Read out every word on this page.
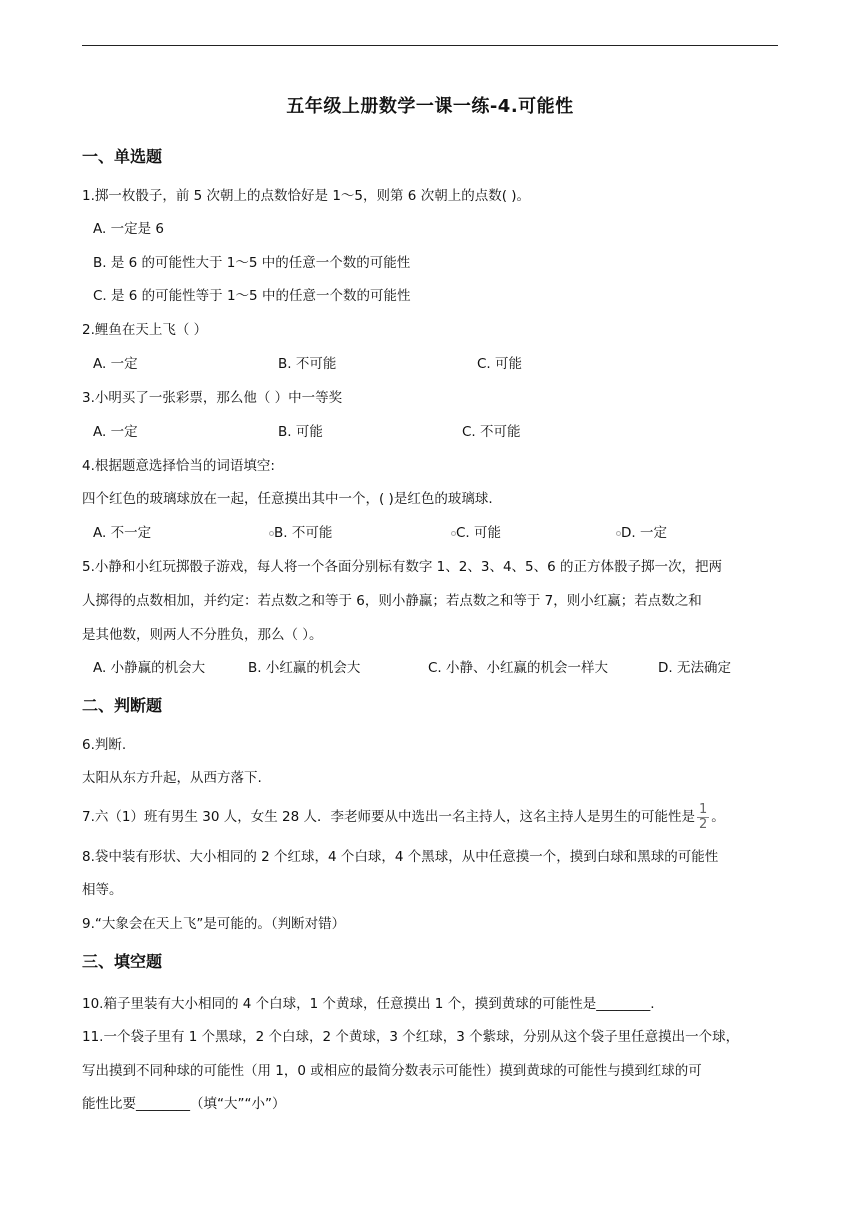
五年级上册数学一课一练-4.可能性
一、单选题
1.掷一枚骰子，前 5 次朝上的点数恰好是 1～5，则第 6 次朝上的点数( )。
A. 一定是 6
B. 是 6 的可能性大于 1～5 中的任意一个数的可能性
C. 是 6 的可能性等于 1～5 中的任意一个数的可能性
2.鲤鱼在天上飞（ ）
A. 一定	B. 不可能	C. 可能
3.小明买了一张彩票，那么他（ ）中一等奖
A. 一定	B. 可能	C. 不可能
4.根据题意选择恰当的词语填空:
四个红色的玻璃球放在一起，任意摸出其中一个，( )是红色的玻璃球.
A. 不一定	B. 不可能	C. 可能	D. 一定
5.小静和小红玩掷骰子游戏，每人将一个各面分别标有数字 1、2、3、4、5、6 的正方体骰子掷一次，把两
人掷得的点数相加，并约定：若点数之和等于 6，则小静赢；若点数之和等于 7，则小红赢；若点数之和
是其他数，则两人不分胜负，那么（ ）。
A. 小静赢的机会大	B. 小红赢的机会大	C. 小静、小红赢的机会一样大	D. 无法确定
二、判断题
6.判断.
太阳从东方升起，从西方落下.
7.六（1）班有男生 30 人，女生 28 人．李老师要从中选出一名主持人，这名主持人是男生的可能性是 $\frac{1}{2}$ 。
8.袋中装有形状、大小相同的 2 个红球，4 个白球，4 个黑球，从中任意摸一个，摸到白球和黑球的可能性
相等。
9.“大象会在天上飞”是可能的。（判断对错）
三、填空题
10.箱子里装有大小相同的 4 个白球，1 个黄球，任意摸出 1 个，摸到黄球的可能性是________.
11.一个袋子里有 1 个黑球，2 个白球，2 个黄球，3 个红球，3 个紫球，分别从这个袋子里任意摸出一个球，
写出摸到不同种球的可能性（用 1，0 或相应的最简分数表示可能性）摸到黄球的可能性与摸到红球的可
能性比要________（填“大”“小”）
